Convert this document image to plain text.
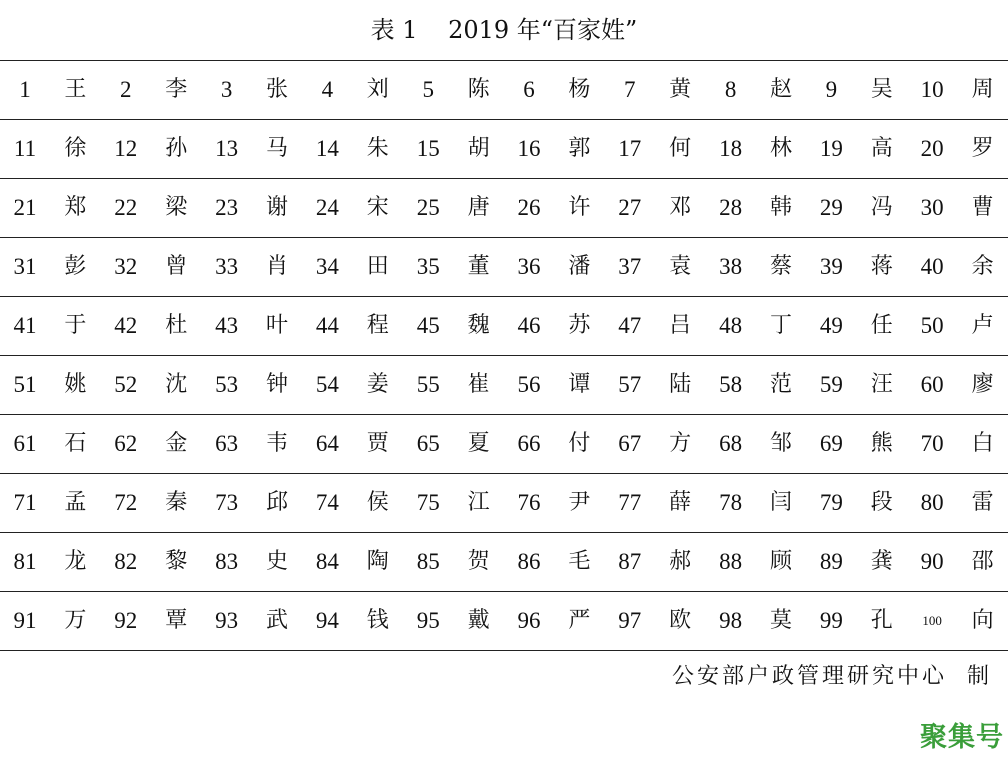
表 1    2019 年“百家姓”
1	王	2	李	3	张	4	刘	5	陈	6	杨	7	黄	8	赵	9	吴	10	周
11	徐	12	孙	13	马	14	朱	15	胡	16	郭	17	何	18	林	19	高	20	罗
21	郑	22	梁	23	谢	24	宋	25	唐	26	许	27	邓	28	韩	29	冯	30	曹
31	彭	32	曾	33	肖	34	田	35	董	36	潘	37	袁	38	蔡	39	蒋	40	余
41	于	42	杜	43	叶	44	程	45	魏	46	苏	47	吕	48	丁	49	任	50	卢
51	姚	52	沈	53	钟	54	姜	55	崔	56	谭	57	陆	58	范	59	汪	60	廖
61	石	62	金	63	韦	64	贾	65	夏	66	付	67	方	68	邹	69	熊	70	白
71	孟	72	秦	73	邱	74	侯	75	江	76	尹	77	薛	78	闫	79	段	80	雷
81	龙	82	黎	83	史	84	陶	85	贺	86	毛	87	郝	88	顾	89	龚	90	邵
91	万	92	覃	93	武	94	钱	95	戴	96	严	97	欧	98	莫	99	孔	100	向
公安部户政管理研究中心  制
聚集号
